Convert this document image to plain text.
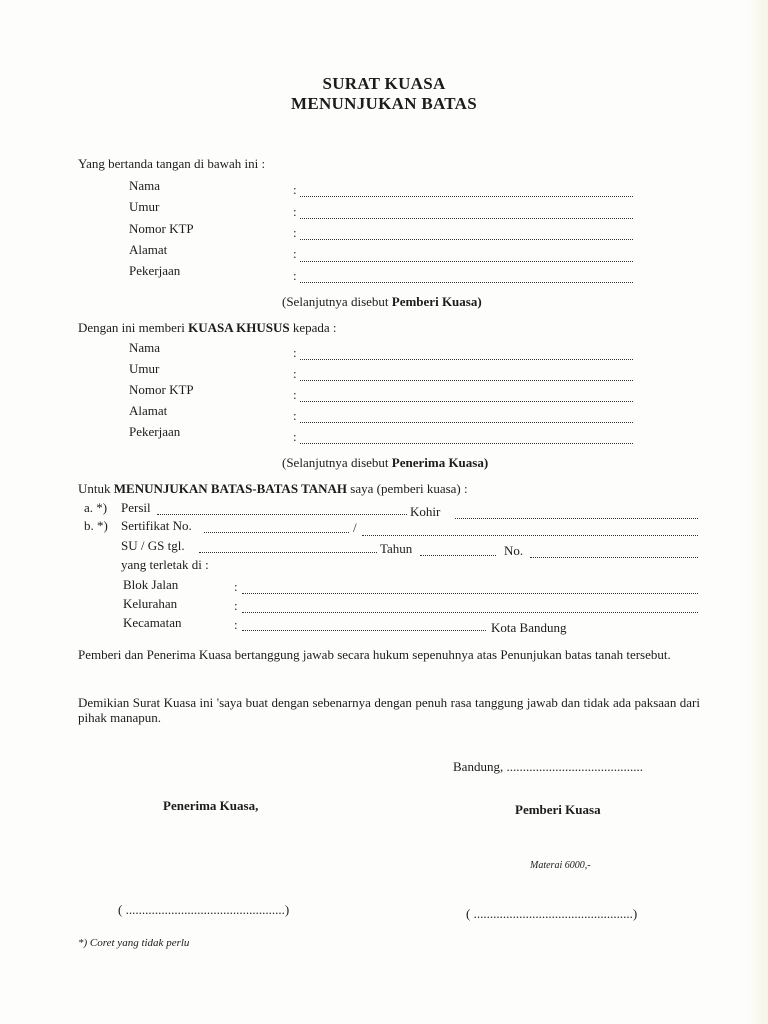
SURAT KUASA
MENUNJUKAN BATAS
Yang bertanda tangan di bawah ini :
Nama	:
Umur	:
Nomor KTP	:
Alamat	:
Pekerjaan	:
(Selanjutnya disebut Pemberi Kuasa)
Dengan ini memberi KUASA KHUSUS kepada :
Nama	:
Umur	:
Nomor KTP	:
Alamat	:
Pekerjaan	:
(Selanjutnya disebut Penerima Kuasa)
Untuk MENUNJUKAN BATAS-BATAS TANAH saya (pemberi kuasa) :
a. *) Persil	Kohir
b. *) Sertifikat No.	/
SU / GS tgl.	Tahun	No.
yang terletak di :
Blok Jalan	:
Kelurahan	:
Kecamatan	:	Kota Bandung
Pemberi dan Penerima Kuasa bertanggung jawab secara hukum sepenuhnya atas Penunjukan batas tanah tersebut.
Demikian Surat Kuasa ini 'saya buat dengan sebenarnya dengan penuh rasa tanggung jawab dan tidak ada paksaan dari pihak manapun.
Bandung, ..........................................
Penerima Kuasa,	Pemberi Kuasa
Materai 6000,-
( .................................................)	( .................................................)
*) Coret yang tidak perlu
